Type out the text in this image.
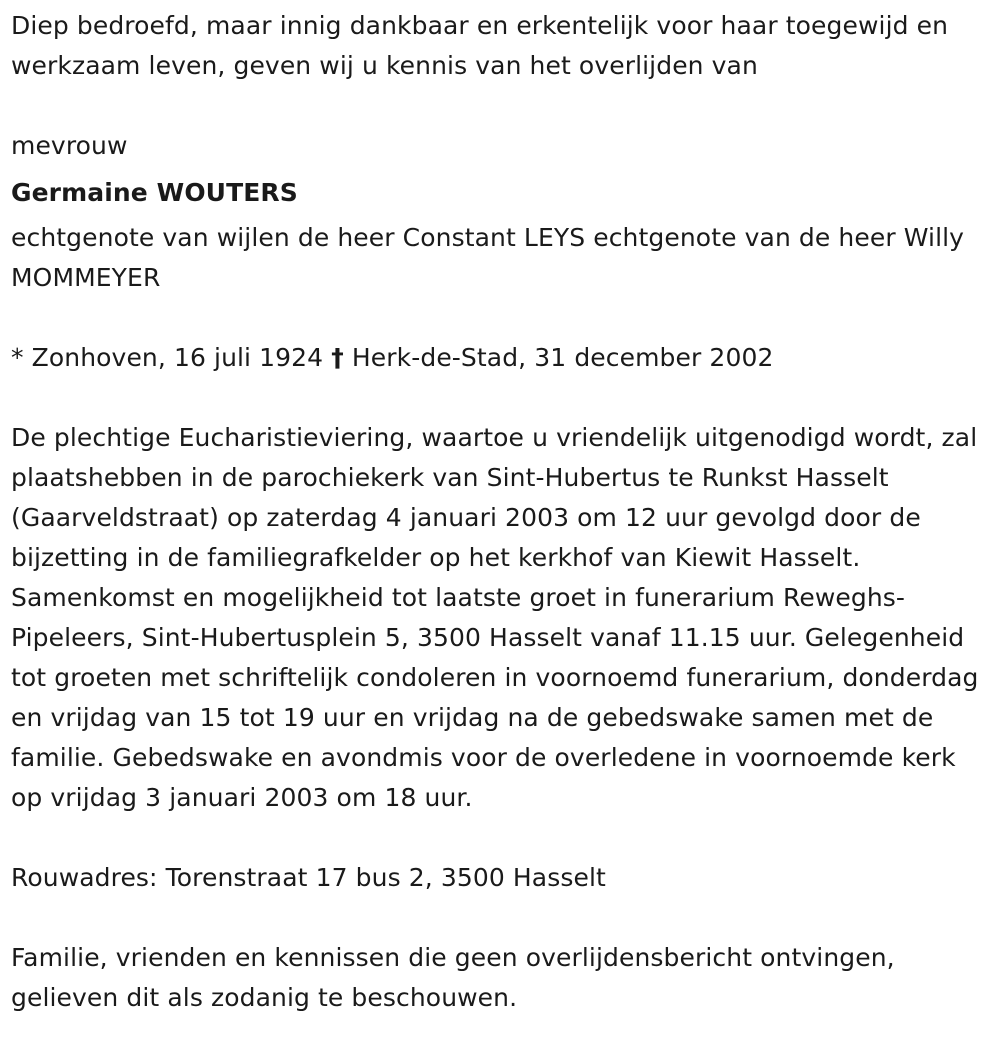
Diep bedroefd, maar innig dankbaar en erkentelijk voor haar toegewijd en werkzaam leven, geven wij u kennis van het overlijden van

mevrouw

Germaine WOUTERS

echtgenote van wijlen de heer Constant LEYS echtgenote van de heer Willy MOMMEYER

* Zonhoven, 16 juli 1924 † Herk-de-Stad, 31 december 2002

De plechtige Eucharistieviering, waartoe u vriendelijk uitgenodigd wordt, zal plaatshebben in de parochiekerk van Sint-Hubertus te Runkst Hasselt (Gaarveldstraat) op zaterdag 4 januari 2003 om 12 uur gevolgd door de bijzetting in de familiegrafkelder op het kerkhof van Kiewit Hasselt. Samenkomst en mogelijkheid tot laatste groet in funerarium Reweghs-Pipeleers, Sint-Hubertusplein 5, 3500 Hasselt vanaf 11.15 uur. Gelegenheid tot groeten met schriftelijk condoleren in voornoemd funerarium, donderdag en vrijdag van 15 tot 19 uur en vrijdag na de gebedswake samen met de familie. Gebedswake en avondmis voor de overledene in voornoemde kerk op vrijdag 3 januari 2003 om 18 uur.

Rouwadres: Torenstraat 17 bus 2, 3500 Hasselt

Familie, vrienden en kennissen die geen overlijdensbericht ontvingen, gelieven dit als zodanig te beschouwen.
